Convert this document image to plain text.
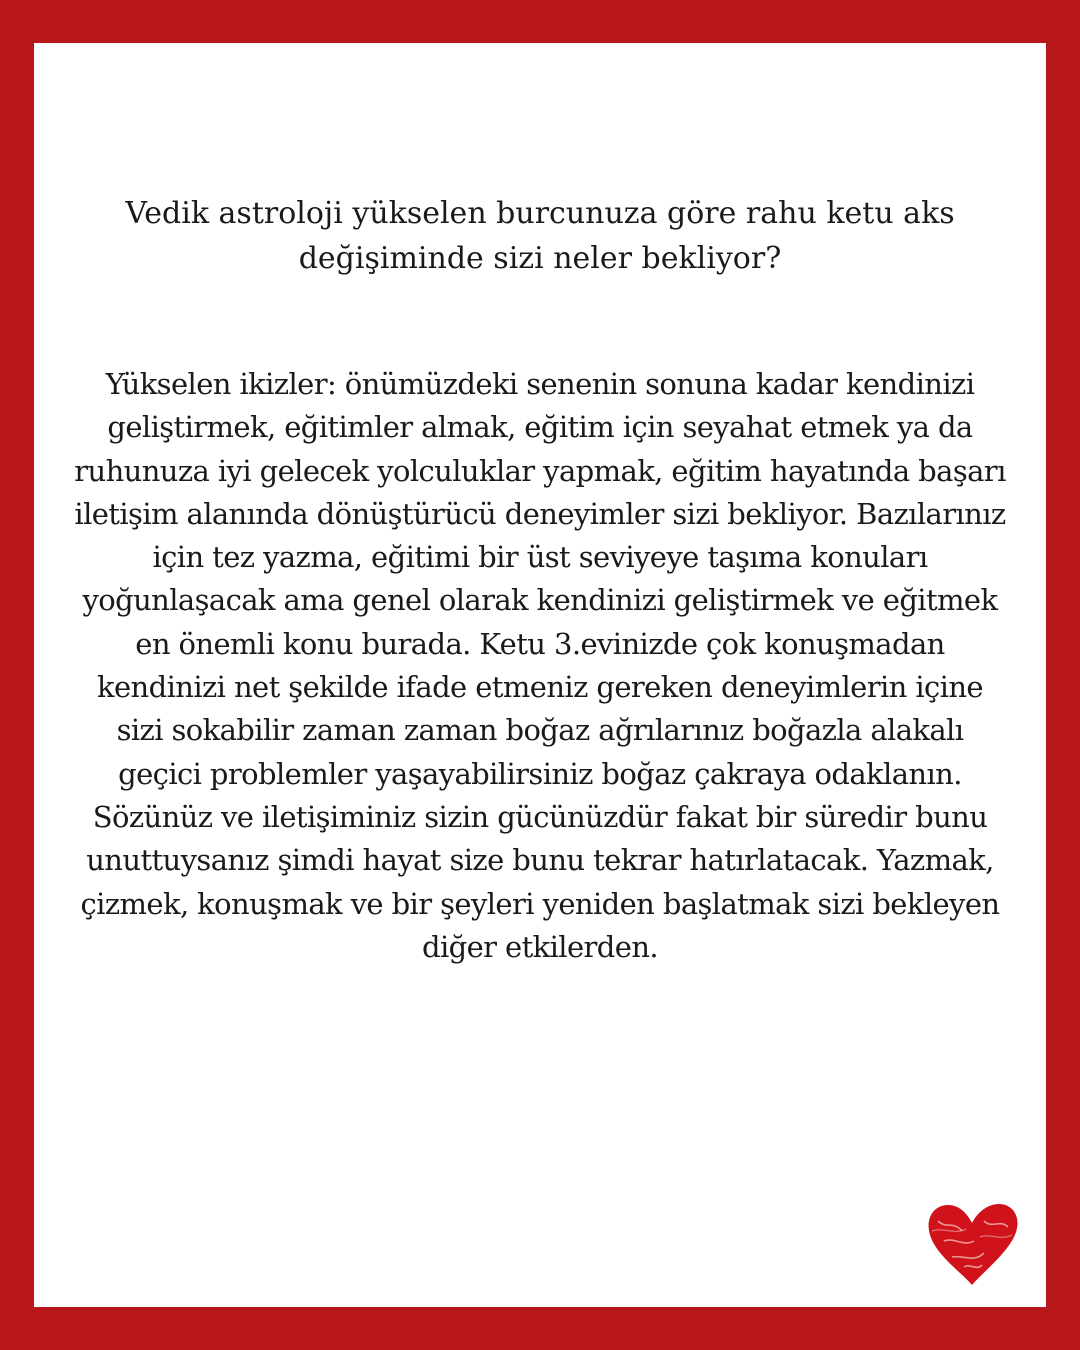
Vedik astroloji yükselen burcunuza göre rahu ketu aks değişiminde sizi neler bekliyor?

Yükselen ikizler: önümüzdeki senenin sonuna kadar kendinizi geliştirmek, eğitimler almak, eğitim için seyahat etmek ya da ruhunuza iyi gelecek yolculuklar yapmak, eğitim hayatında başarı iletişim alanında dönüştürücü deneyimler sizi bekliyor. Bazılarınız için tez yazma, eğitimi bir üst seviyeye taşıma konuları yoğunlaşacak ama genel olarak kendinizi geliştirmek ve eğitmek en önemli konu burada. Ketu 3.evinizde çok konuşmadan kendinizi net şekilde ifade etmeniz gereken deneyimlerin içine sizi sokabilir zaman zaman boğaz ağrılarınız boğazla alakalı geçici problemler yaşayabilirsiniz boğaz çakraya odaklanın. Sözünüz ve iletişiminiz sizin gücünüzdür fakat bir süredir bunu unuttuysanız şimdi hayat size bunu tekrar hatırlatacak. Yazmak, çizmek, konuşmak ve bir şeyleri yeniden başlatmak sizi bekleyen diğer etkilerden.
